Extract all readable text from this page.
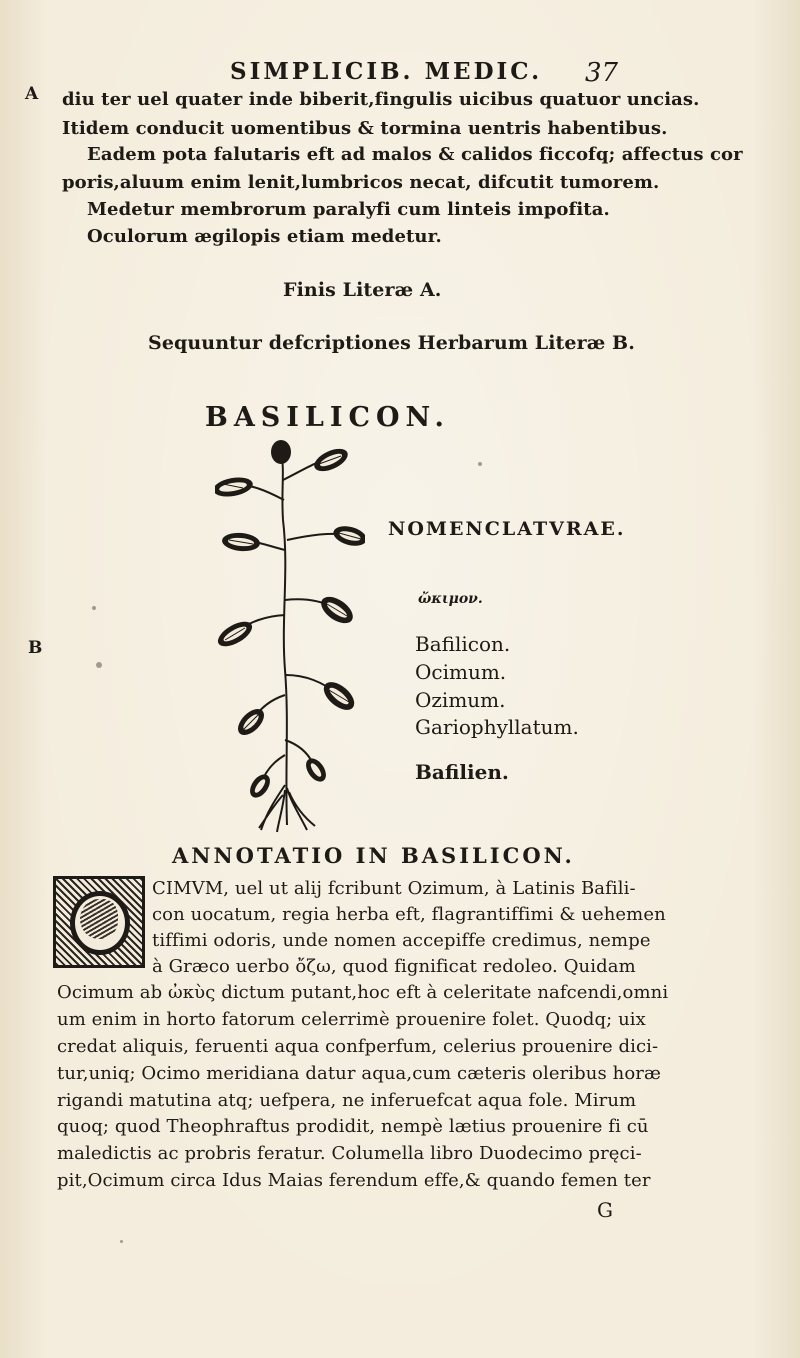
SIMPLICIB. MEDIC. 37
A
B
diu ter uel quater inde biberit,fingulis uicibus quatuor uncias.
Itidem conducit uomentibus & tormina uentris habentibus.
Eadem pota falutaris eft ad malos & calidos ficcofq; affectus cor
poris,aluum enim lenit,lumbricos necat, difcutit tumorem.
Medetur membrorum paralyfi cum linteis impofita.
Oculorum ægilopis etiam medetur.
Finis Literæ A.
Sequuntur defcriptiones Herbarum Literæ B.
BASILICON.
NOMENCLATVRAE.
ὤκιμον.
Bafilicon.
Ocimum.
Ozimum.
Gariophyllatum.
Bafilien.
ANNOTATIO IN BASILICON.
CIMVM, uel ut alij fcribunt Ozimum, à Latinis Bafili-
con uocatum, regia herba eft, flagrantiffimi & uehemen
tiffimi odoris, unde nomen accepiffe credimus, nempe
à Græco uerbo ὄζω, quod fignificat redoleo. Quidam
Ocimum ab ὠκὺς dictum putant,hoc eft à celeritate nafcendi,omni
um enim in horto fatorum celerrimè prouenire folet. Quodq; uix
credat aliquis, feruenti aqua confperfum, celerius prouenire dici-
tur,uniq; Ocimo meridiana datur aqua,cum cæteris oleribus horæ
rigandi matutina atq; uefpera, ne inferuefcat aqua fole. Mirum
quoq; quod Theophraftus prodidit, nempè lætius prouenire fi cū
maledictis ac probris feratur. Columella libro Duodecimo pręci-
pit,Ocimum circa Idus Maias ferendum effe,& quando femen ter
G
